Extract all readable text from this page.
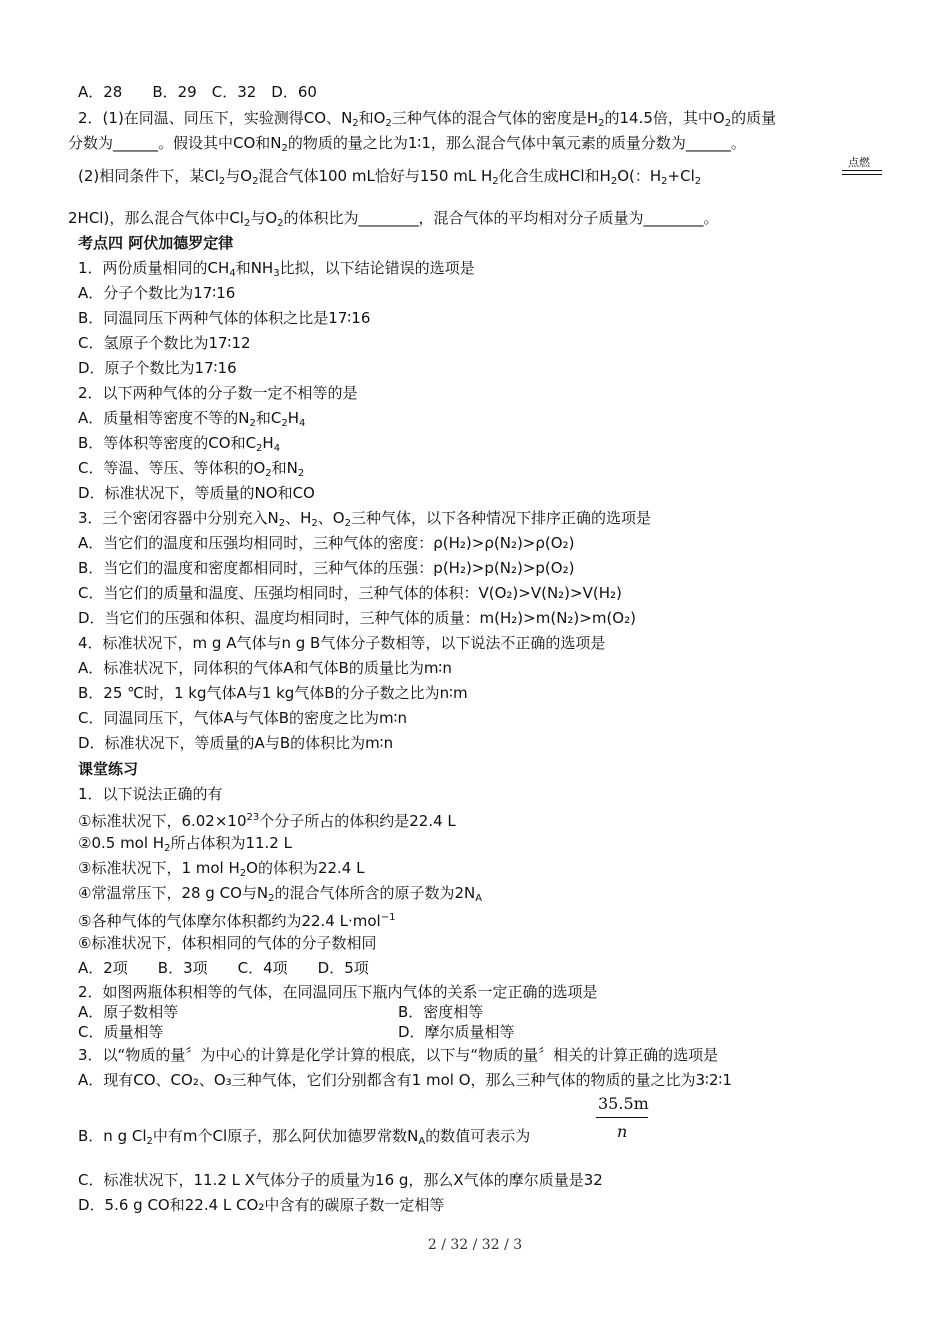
A．28　　B．29　C．32　D．60
2．(1)在同温、同压下，实验测得CO、$N_2$和$O_2$三种气体的混合气体的密度是$H_2$的14.5倍，其中$O_2$的质量
分数为______。假设其中CO和$N_2$的物质的量之比为1∶1，那么混合气体中氧元素的质量分数为______。
(2)相同条件下，某$Cl_2$与$O_2$混合气体100 mL恰好与150 mL $H_2$化合生成HCl和$H_2O$(：$H_2+Cl_2$
点燃
2HCl)，那么混合气体中$Cl_2$与$O_2$的体积比为________，混合气体的平均相对分子质量为________。
考点四 阿伏加德罗定律
1．两份质量相同的$CH_4$和$NH_3$比拟，以下结论错误的选项是
A．分子个数比为17∶16
B．同温同压下两种气体的体积之比是17∶16
C．氢原子个数比为17∶12
D．原子个数比为17∶16
2．以下两种气体的分子数一定不相等的是
A．质量相等密度不等的$N_2$和$C_2H_4$
B．等体积等密度的CO和$C_2H_4$
C．等温、等压、等体积的$O_2$和$N_2$
D．标准状况下，等质量的NO和CO
3．三个密闭容器中分别充入$N_2$、$H_2$、$O_2$三种气体，以下各种情况下排序正确的选项是
A．当它们的温度和压强均相同时，三种气体的密度：ρ(H₂)>ρ(N₂)>ρ(O₂)
B．当它们的温度和密度都相同时，三种气体的压强：p(H₂)>p(N₂)>p(O₂)
C．当它们的质量和温度、压强均相同时，三种气体的体积：V(O₂)>V(N₂)>V(H₂)
D．当它们的压强和体积、温度均相同时，三种气体的质量：m(H₂)>m(N₂)>m(O₂)
4．标准状况下，m g A气体与n g B气体分子数相等，以下说法不正确的选项是
A．标准状况下，同体积的气体A和气体B的质量比为m∶n
B．25 ℃时，1 kg气体A与1 kg气体B的分子数之比为n∶m
C．同温同压下，气体A与气体B的密度之比为m∶n
D．标准状况下，等质量的A与B的体积比为m∶n
课堂练习
1．以下说法正确的有
①标准状况下，$6.02\times 10^{23}$个分子所占的体积约是22.4 L
②0.5 mol $H_2$所占体积为11.2 L
③标准状况下，1 mol $H_2O$的体积为22.4 L
④常温常压下，28 g CO与$N_2$的混合气体所含的原子数为$2N_A$
⑤各种气体的气体摩尔体积都约为22.4 L·mol$^{-1}$
⑥标准状况下，体积相同的气体的分子数相同
A．2项　　B．3项　　C．4项　　D．5项
2．如图两瓶体积相等的气体，在同温同压下瓶内气体的关系一定正确的选项是
A．原子数相等	B．密度相等
C．质量相等	D．摩尔质量相等
3．以“物质的量〞为中心的计算是化学计算的根底，以下与“物质的量〞相关的计算正确的选项是
A．现有CO、CO₂、O₃三种气体，它们分别都含有1 mol O，那么三种气体的物质的量之比为3∶2∶1
B．n g $Cl_2$中有m个Cl原子，那么阿伏加德罗常数$N_A$的数值可表示为
35.5m
n
C．标准状况下，11.2 L X气体分子的质量为16 g，那么X气体的摩尔质量是32
D．5.6 g CO和22.4 L CO₂中含有的碳原子数一定相等
2 / 32 / 32 / 3
